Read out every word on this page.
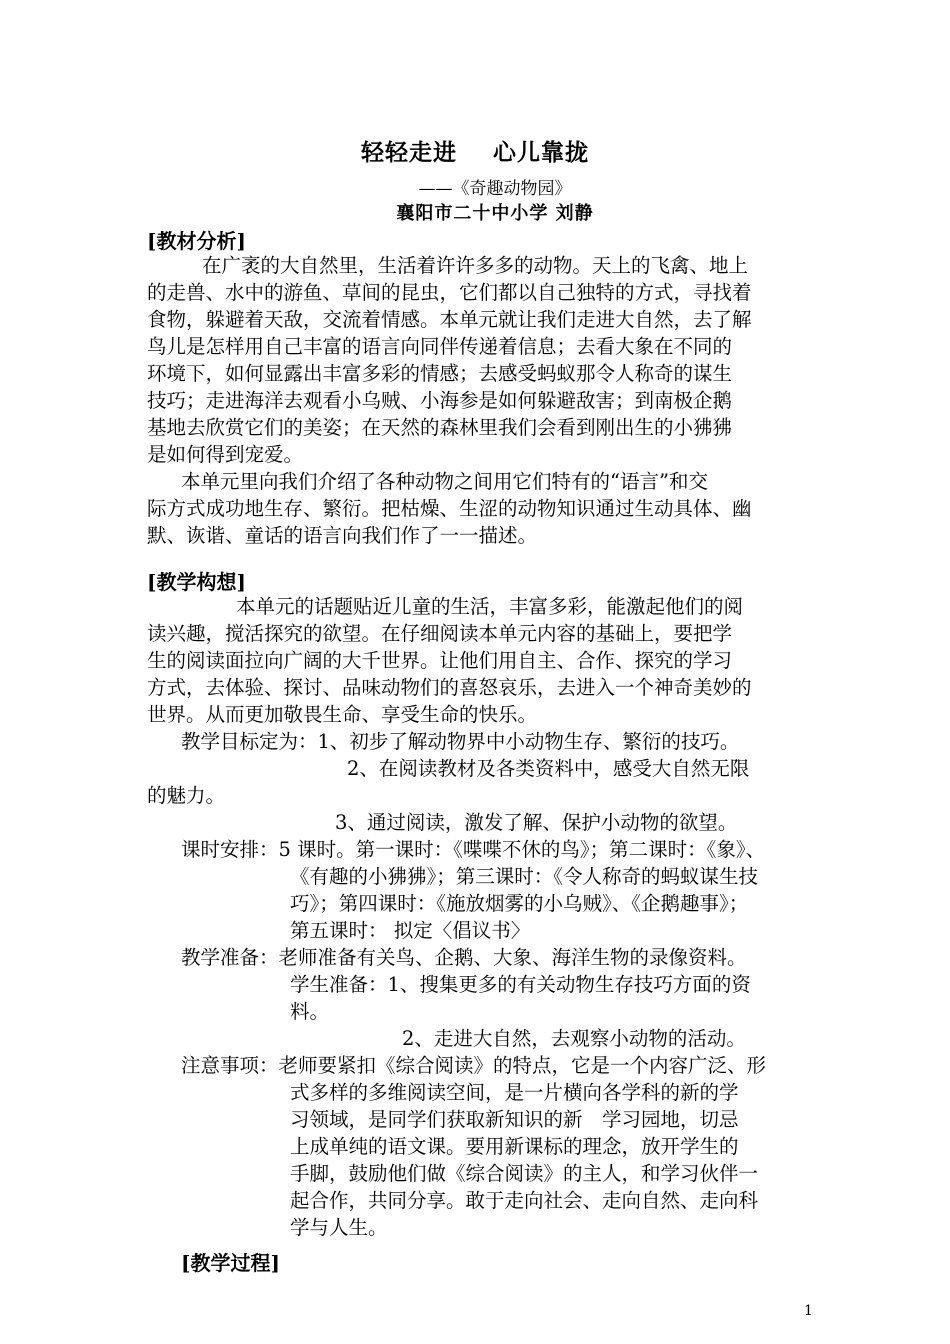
轻轻走进 心儿靠拢
——《奇趣动物园》
襄阳市二十中小学 刘静
[教材分析]
在广袤的大自然里，生活着许许多多的动物。天上的飞禽、地上
的走兽、水中的游鱼、草间的昆虫，它们都以自己独特的方式，寻找着
食物，躲避着天敌，交流着情感。本单元就让我们走进大自然，去了解
鸟儿是怎样用自己丰富的语言向同伴传递着信息；去看大象在不同的
环境下，如何显露出丰富多彩的情感；去感受蚂蚁那令人称奇的谋生
技巧；走进海洋去观看小乌贼、小海参是如何躲避敌害；到南极企鹅
基地去欣赏它们的美姿；在天然的森林里我们会看到刚出生的小狒狒
是如何得到宠爱。
本单元里向我们介绍了各种动物之间用它们特有的“语言”和交
际方式成功地生存、繁衍。把枯燥、生涩的动物知识通过生动具体、幽
默、诙谐、童话的语言向我们作了一一描述。
[教学构想]
本单元的话题贴近儿童的生活，丰富多彩，能激起他们的阅
读兴趣，搅活探究的欲望。在仔细阅读本单元内容的基础上，要把学
生的阅读面拉向广阔的大千世界。让他们用自主、合作、探究的学习
方式，去体验、探讨、品味动物们的喜怒哀乐，去进入一个神奇美妙的
世界。从而更加敬畏生命、享受生命的快乐。
教学目标定为：1、初步了解动物界中小动物生存、繁衍的技巧。
2、在阅读教材及各类资料中，感受大自然无限
的魅力。
3、通过阅读，激发了解、保护小动物的欲望。
课时安排：5 课时。第一课时：《喋喋不休的鸟》；第二课时：《象》、
《有趣的小狒狒》；第三课时：《令人称奇的蚂蚁谋生技
巧》；第四课时：《施放烟雾的小乌贼》、《企鹅趣事》；
第五课时： 拟定〈倡议书〉
教学准备：老师准备有关鸟、企鹅、大象、海洋生物的录像资料。
学生准备：1、搜集更多的有关动物生存技巧方面的资
料。
2、走进大自然，去观察小动物的活动。
注意事项：老师要紧扣《综合阅读》的特点，它是一个内容广泛、形
式多样的多维阅读空间，是一片横向各学科的新的学
习领域，是同学们获取新知识的新　学习园地，切忌
上成单纯的语文课。要用新课标的理念，放开学生的
手脚，鼓励他们做《综合阅读》的主人，和学习伙伴一
起合作，共同分享。敢于走向社会、走向自然、走向科
学与人生。
[教学过程]
1
